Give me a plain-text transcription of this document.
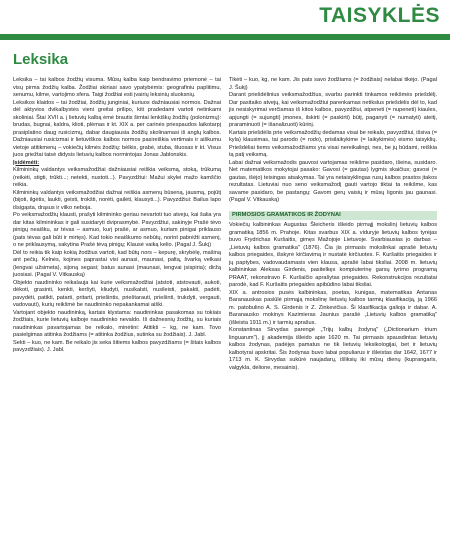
TAISYKLĖS
Leksika

Leksika – tai kalbos žodžių visuma. Mūsų kalba kaip bendravimo priemonė – tai visų pirma žodžių kalba. Žodžiai skiriasi savo ypatybėmis: geografiniu paplitimu, senumu, kilme, vartojimo sfera. Taigi žodžiai esti įvairių leksinių sluoksnių.

Leksikos klaidos – tai žodžiai, žodžių junginiai, kuriuos dažniausiai normos. Dažnai dėl aktyvios dvikalbystės vieni greitai prilipo, kiti pradedami vartoti netinkami skoliniai. Štai XVII a. į lietuvių kalbą ėmė brautis šimtai lenkiškų žodžių (polonizmų): brudas, bugnai, kaldra, klioti, plėmas ir kt. XIX a. per carinės priespaudos laikotarpį prasiplatino daug rusicizmų, dabar daugiausia žodžių skolinamasi iš anglų kalbos. Dažniausiai rusicizmai ir lietuviškos kalbos normos pasireiškia vertimais ir aiškumu vietoje atitikmenų – vokiečių kilmės žodžių: bėlkis, grabė, stuba, šluosas ir kt. Visus juos griežtai taisė didysis lietuvių kalbos normintojas Jonas Jablonskis.

Įsidėmėti:

Kilmininkų valdantys veiksmažodžiai dažniausiai reiškia veiksmą, stoką, trūkumą (reikėti, stigti, trūkti...; netekti, nustoti...). Pavyzdžiui: Mažui skylei mažo kamščio reikia.

Kilmininkų valdantys veiksmažodžiai dažnai reiškia asmenų būseną, jausmą, pojūtį (bijoti, ilgėtis, laukti, geisti, trokšti, norėti, gailėti, klausyti...). Pavyzdžiui: Bailus lapo išsigąsta, drąsus ir vilko neboja.

Po veiksmažodžių klausti, prašyti kilmininko geriau nevartoti tuo atveju, kai šalia yra dar kitas kilmininkas ir gali susidaryti dviprasmybė. Pavyzdžiui, sakinyje Prašė tėvo pinigų neaišku, ar tėvas – asmuo, kurį prašė, ar asmuo, kuriam pinigai priklauso (pats tėvas gali būti ir mirtęs). Kad tokio neaiškumo nebūtų, norint pabrėžti asmenį, o ne priklausymą, sakytina Prašė tėvą pinigų; Klausė vaiką kelio. (Pagal J. Šukį)

Dėl to reikia tik kaip kokią žodžius vartoti, kad būtų nors – kepurę, skrybėlę, mašiną ant pečių. Kelnės, kojines paprastai visi aunasi, maunasi, paltą, švarką velkasi (lengvai užsimeta), sijoną segasi; batus aunasi (maunasi, lengvai įsispiria); diržą juosiasi. (Pagal V. Vitkauską)

Objekto naudininko reikalauja kai kurie veiksmažodžiai (atstoti, atstovauti, aukoti, dėkoti, grasinti, kenkti, keršyti, kliudyti, nusikalsti, nusileisti, pakakti, padėti, pavydėti, patikti, patarti, pritarti, priešintis, prieštarauti, priešinti, trukdyti, vergauti, vadovauti), kurių reikšmė be naudininko nepakankamai aiški.

Vartojant objekto naudininką, kartais klystama: naudininkas pasakomas su tokiais žodžiais, kurie lietuvių kalboje naudininko nevaldo. Iš dažnesnių žodžių, su kuriais naudininkas pavartojamas be reikalo, minėtini: Atitikti – kg, ne kam. Tovo pasielgimas atitinka žodžiams (= atitinka žodžius, sutinka su žodžiais). J. Jabl.

Sekti – kuo, ne kam. Be reikalo jis seka šitiems kalbos pavyzdžiams (= šitais kalbos pavyzdžiais). J. Jabl.

Tikėti – kuo, kg, ne kam. Jis pats savo žodžiams (= žodžiais) nelabai tikėjo. (Pagal J. Šukį)

Darant priešdėlinius veiksmažodžius, svarbu parinkti tinkamos reikšmės priešdėlį. Dar pasitaiko atvejų, kai veiksmažodžiui parenkamas netikslus priešdėlis dėl to, kad jis nesiskyrimai verčiamas iš kitos kalbos, pavyzdžiui, atpeneti (= nupeneti) kiaules, apjungti (= sujungti) jmones, ilskirti (= paskirti) būtį, paganyti (= numatyti) ateitį, praraminuoti (= išanalizuoti) kūrinį.

Kartais priešdėlis prie veiksmažodžių dedamas visai be reikalo, pavyzdžiui, išsiva (= kyla) klausimas, tai parodo (= rodo), prisilaikykime (= laikykimės) eismo taisyklių. Priešdėliai tiems veiksmažodžiams yra visai nereikalingi, nes, be jų būdami, reiškia tą patį veiksmą.

Labai dažnai veiksmažodis gauvosi vartojamas reikšme pasidaro, išeina, susidaro. Net matematikos mokytojai pasako: Gavosi (= gautas) lygmis skaičius; gavosi (= gautas, išėjo) teisingas atsakymas. Tai yra netaisyklingas rusų kalbos prastos įtakos rezultatas. Lietuviai nuo seno veiksmažodį gauti vartojo tiktai ta reikšme, kas savame pasidaro, be pastangų: Gavom gerų vaisių ir mūsų ligonis jau gaunasi. (Pagal V. Vitkauską)

PIRMOSIOS GRAMATIKOS IR ŽODYNAI

Vokiečių kalbininkas Augustas Šleicheris išleido pirmąjį mokslinį lietuvių kalbos gramatiką 1856 m. Prahoje. Kitas svarbus XIX a. viduryje lietuvių kalbos tyrėjas buvo Frydrichas Kuršaitis, gimęs Mažojoje Lietuvoje. Svarbiausias jo darbas – „Lietuvių kalbos gramatika" (1876). Čia jis pirmasis mokslinkai aprašė lietuvių kalbos priegaides, išskyrė kirčiavimą ir nustatė kirčiuotes. F. Kuršaitis priegaides ir jų paptybes, vadovaudamasis vien klausa, aprašė labai tiksliai. 2008 m. lietuvių kalbininkas Aleksas Girdenis, pasitelkęs kompiuterinę garsų tyrimo programą PRAAT, rekonstravo F. Kuršaičio aprašytas priegaides. Rekonstrukcijos rezultatai parodė, kad F. Kuršaitis priegaides apibūdino labai tiksliai.

XIX a. antrosios pusės kalbininkas, poetas, kunigas, matematikas Antanas Baranauskas pasiūlė pirmąją mokslinę lietuvių kalbos tarmių klasifikaciją, ją 1966 m. patobulino A. S. Girdenis ir Z. Zinkevičius. Ši klasifikacija galioja ir dabar. A. Baranausko mokinys Kazimieras Jaunius parašė „Lietuvių kalbos gramatiką" (išleista 1911 m.) ir tarmių aprašus.

Konstantinas Sirvydas parengė „Trijų kalbų žodyną" („Dictionarium trium linguarum"), jį akademija išleido apie 1620 m. Tai pirmasis spausdintas lietuvių kalbos žodynas, padėjęs pamatus ne tik lietuvių leksikologijai, bet ir lietuvių kalbotyrai apskritai. Šis žodynas buvo labai populiarus ir išleistas dar 1642, 1677 ir 1713 m. K. Sirvydas sukūrė naujadarų, išliksių iki mūsų dienų (kuprangaris, valgykla, delione, mesainis).
